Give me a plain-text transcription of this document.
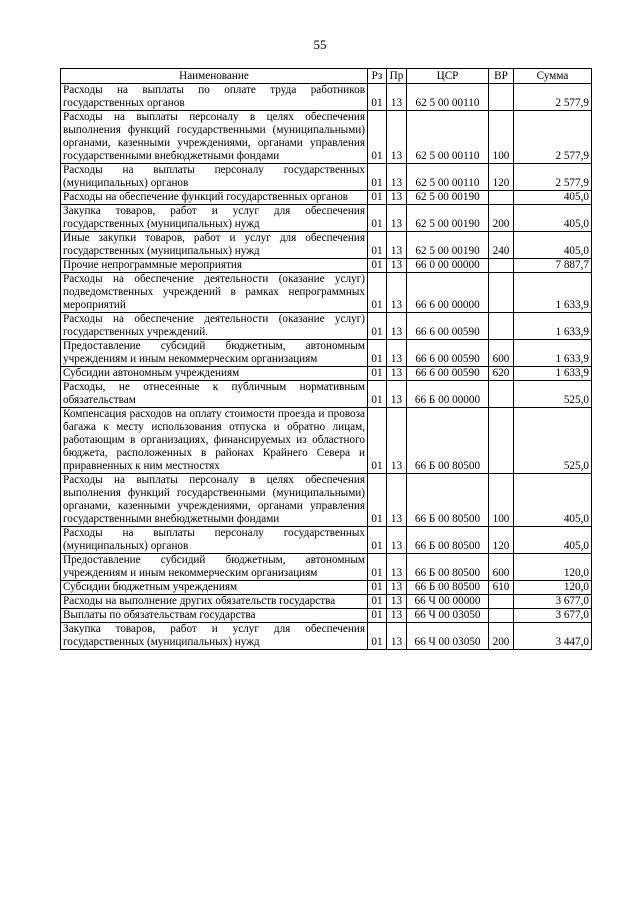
55
Наименование	Рз	Пр	ЦСР	ВР	Сумма
Расходы на выплаты по оплате труда работников государственных органов	01	13	62 5 00 00110		2 577,9
Расходы на выплаты персоналу в целях обеспечения выполнения функций государственными (муниципальными) органами, казенными учреждениями, органами управления государственными внебюджетными фондами	01	13	62 5 00 00110	100	2 577,9
Расходы на выплаты персоналу государственных (муниципальных) органов	01	13	62 5 00 00110	120	2 577,9
Расходы на обеспечение функций государственных органов	01	13	62 5 00 00190		405,0
Закупка товаров, работ и услуг для обеспечения государственных (муниципальных) нужд	01	13	62 5 00 00190	200	405,0
Иные закупки товаров, работ и услуг для обеспечения государственных (муниципальных) нужд	01	13	62 5 00 00190	240	405,0
Прочие непрограммные мероприятия	01	13	66 0 00 00000		7 887,7
Расходы на обеспечение деятельности (оказание услуг) подведомственных учреждений в рамках непрограммных мероприятий	01	13	66 6 00 00000		1 633,9
Расходы на обеспечение деятельности (оказание услуг) государственных учреждений.	01	13	66 6 00 00590		1 633,9
Предоставление субсидий бюджетным, автономным учреждениям и иным некоммерческим организациям	01	13	66 6 00 00590	600	1 633,9
Субсидии автономным учреждениям	01	13	66 6 00 00590	620	1 633,9
Расходы, не отнесенные к публичным нормативным обязательствам	01	13	66 Б 00 00000		525,0
Компенсация расходов на оплату стоимости проезда и провоза багажа к месту использования отпуска и обратно лицам, работающим в организациях, финансируемых из областного бюджета, расположенных в районах Крайнего Севера и приравненных к ним местностях	01	13	66 Б 00 80500		525,0
Расходы на выплаты персоналу в целях обеспечения выполнения функций государственными (муниципальными) органами, казенными учреждениями, органами управления государственными внебюджетными фондами	01	13	66 Б 00 80500	100	405,0
Расходы на выплаты персоналу государственных (муниципальных) органов	01	13	66 Б 00 80500	120	405,0
Предоставление субсидий бюджетным, автономным учреждениям и иным некоммерческим организациям	01	13	66 Б 00 80500	600	120,0
Субсидии бюджетным учреждениям	01	13	66 Б 00 80500	610	120,0
Расходы на выполнение других обязательств государства	01	13	66 Ч 00 00000		3 677,0
Выплаты по обязательствам государства	01	13	66 Ч 00 03050		3 677,0
Закупка товаров, работ и услуг для обеспечения государственных (муниципальных) нужд	01	13	66 Ч 00 03050	200	3 447,0
